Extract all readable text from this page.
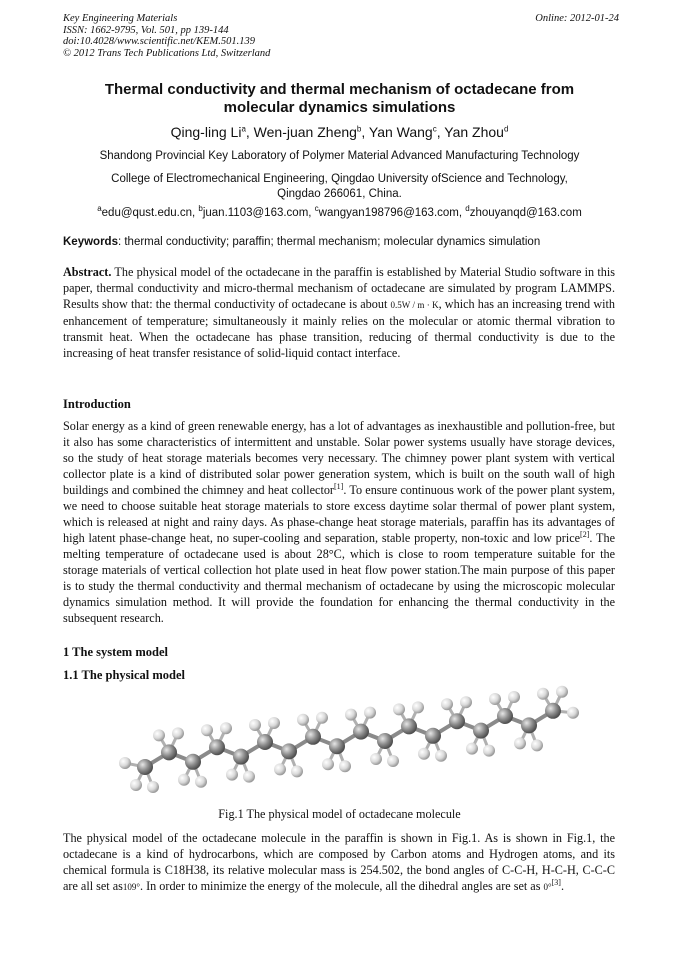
Key Engineering Materials
ISSN: 1662-9795, Vol. 501, pp 139-144
doi:10.4028/www.scientific.net/KEM.501.139
© 2012 Trans Tech Publications Ltd, Switzerland
Online: 2012-01-24
Thermal conductivity and thermal mechanism of octadecane from
molecular dynamics simulations
Qing-ling Li$^a$, Wen-juan Zheng$^b$, Yan Wang$^c$, Yan Zhou$^d$
Shandong Provincial Key Laboratory of Polymer Material Advanced Manufacturing Technology
College of Electromechanical Engineering, Qingdao University ofScience and Technology,
Qingdao 266061, China.
$^a$edu@qust.edu.cn, $^b$juan.1103@163.com, $^c$wangyan198796@163.com, $^d$zhouyanqd@163.com
Keywords: thermal conductivity; paraffin; thermal mechanism; molecular dynamics simulation
Abstract. The physical model of the octadecane in the paraffin is established by Material Studio software in this paper, thermal conductivity and micro-thermal mechanism of octadecane are simulated by program LAMMPS. Results show that: the thermal conductivity of octadecane is about 0.5W / m · K, which has an increasing trend with enhancement of temperature; simultaneously it mainly relies on the molecular or atomic thermal vibration to transmit heat. When the octadecane has phase transition, reducing of thermal conductivity is due to the increasing of heat transfer resistance of solid-liquid contact interface.
Introduction
Solar energy as a kind of green renewable energy, has a lot of advantages as inexhaustible and pollution-free, but it also has some characteristics of intermittent and unstable. Solar power systems usually have storage devices, so the study of heat storage materials becomes very necessary. The chimney power plant system with vertical collector plate is a kind of distributed solar power generation system, which is built on the south wall of high buildings and combined the chimney and heat collector[1]. To ensure continuous work of the power plant system, we need to choose suitable heat storage materials to store excess daytime solar thermal of power plant system, which is released at night and rainy days. As phase-change heat storage materials, paraffin has its advantages of high latent phase-change heat, no super-cooling and separation, stable property, non-toxic and low price[2]. The melting temperature of octadecane used is about 28°C, which is close to room temperature suitable for the storage materials of vertical collection hot plate used in heat flow power station.The main purpose of this paper is to study the thermal conductivity and thermal mechanism of octadecane by using the microscopic molecular dynamics simulation method. It will provide the foundation for enhancing the thermal conductivity in the subsequent research.
1 The system model
1.1 The physical model
Fig.1 The physical model of octadecane molecule
The physical model of the octadecane molecule in the paraffin is shown in Fig.1. As is shown in Fig.1, the octadecane is a kind of hydrocarbons, which are composed by Carbon atoms and Hydrogen atoms, and its chemical formula is C18H38, its relative molecular mass is 254.502, the bond angles of C-C-H, H-C-H, C-C-C are all set as109°. In order to minimize the energy of the molecule, all the dihedral angles are set as 0°[3].
